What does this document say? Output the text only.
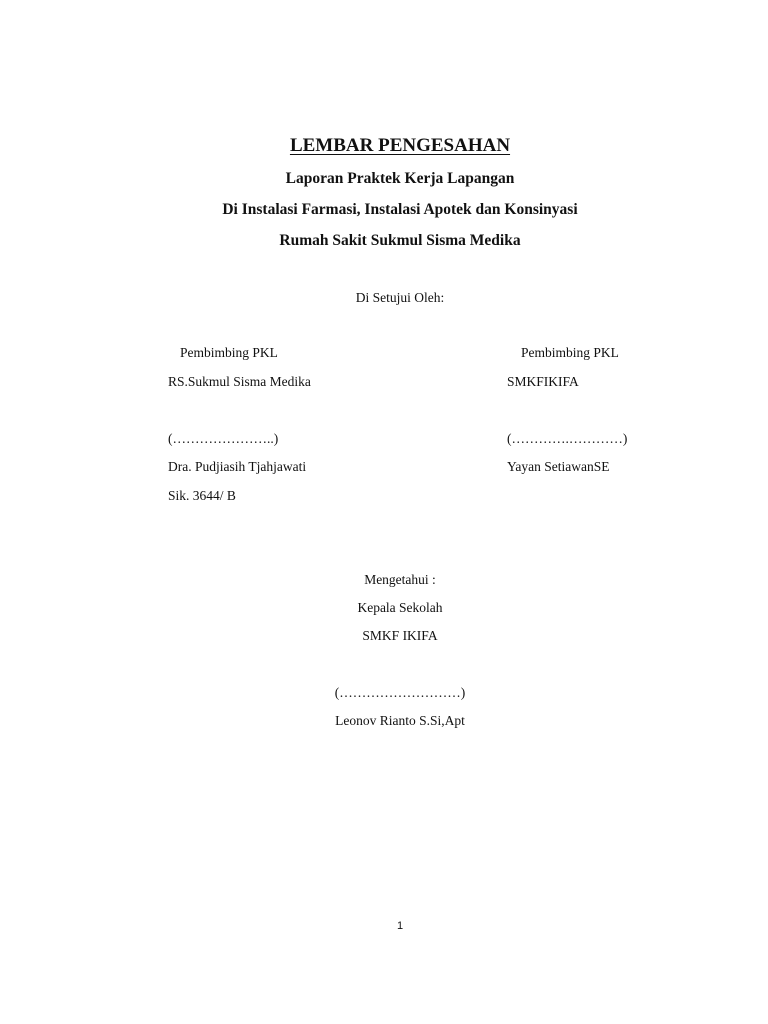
LEMBAR PENGESAHAN
Laporan Praktek Kerja Lapangan
Di Instalasi Farmasi, Instalasi Apotek dan Konsinyasi
Rumah Sakit Sukmul Sisma Medika
Di Setujui Oleh:
Pembimbing PKL
RS.Sukmul Sisma Medika
(…………………..)
Dra. Pudjiasih Tjahjawati
Sik. 3644/ B
Pembimbing PKL
SMKFIKIFA
(………….…………)
Yayan SetiawanSE
Mengetahui :
Kepala Sekolah
SMKF IKIFA
(………………………)
Leonov Rianto S.Si,Apt
1
